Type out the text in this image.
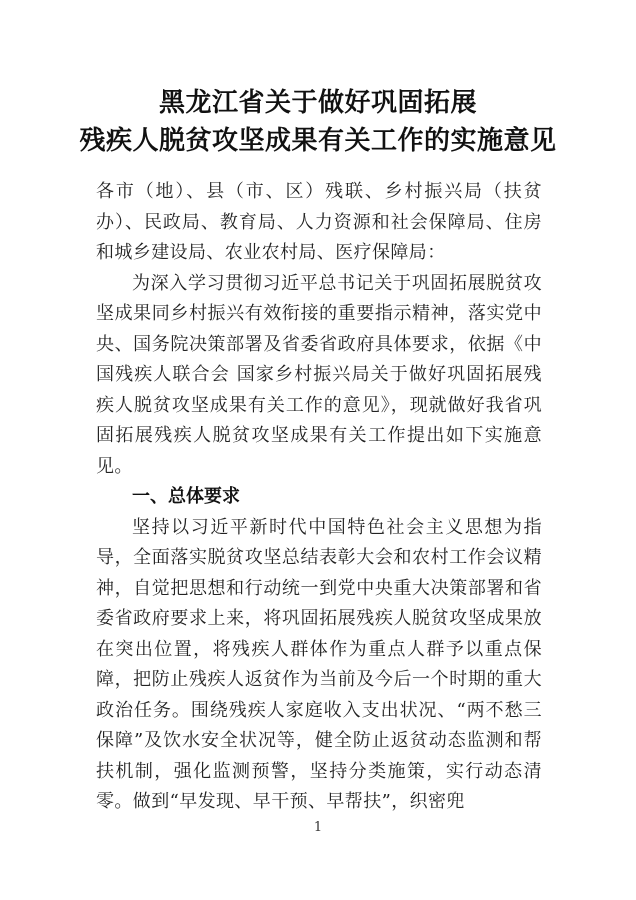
黑龙江省关于做好巩固拓展
残疾人脱贫攻坚成果有关工作的实施意见

各市（地）、县（市、区）残联、乡村振兴局（扶贫办）、民政局、教育局、人力资源和社会保障局、住房和城乡建设局、农业农村局、医疗保障局：

为深入学习贯彻习近平总书记关于巩固拓展脱贫攻坚成果同乡村振兴有效衔接的重要指示精神，落实党中央、国务院决策部署及省委省政府具体要求，依据《中国残疾人联合会 国家乡村振兴局关于做好巩固拓展残疾人脱贫攻坚成果有关工作的意见》，现就做好我省巩固拓展残疾人脱贫攻坚成果有关工作提出如下实施意见。

一、总体要求

坚持以习近平新时代中国特色社会主义思想为指导，全面落实脱贫攻坚总结表彰大会和农村工作会议精神，自觉把思想和行动统一到党中央重大决策部署和省委省政府要求上来，将巩固拓展残疾人脱贫攻坚成果放在突出位置，将残疾人群体作为重点人群予以重点保障，把防止残疾人返贫作为当前及今后一个时期的重大政治任务。围绕残疾人家庭收入支出状况、“两不愁三保障”及饮水安全状况等，健全防止返贫动态监测和帮扶机制，强化监测预警，坚持分类施策，实行动态清零。做到“早发现、早干预、早帮扶”，织密兜

1
